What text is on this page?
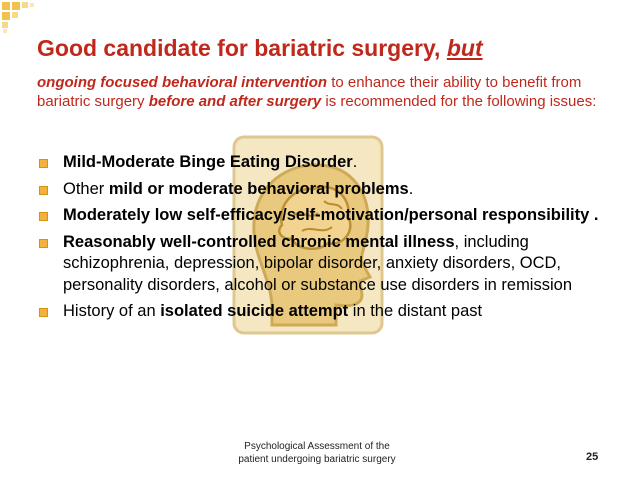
Good candidate for bariatric surgery, but
ongoing focused behavioral intervention to enhance their ability to benefit from bariatric surgery before and after surgery is recommended for the following issues:
Mild-Moderate Binge Eating Disorder.
Other mild or moderate behavioral problems.
Moderately low self-efficacy/self-motivation/personal responsibility .
Reasonably well-controlled chronic mental illness, including schizophrenia, depression, bipolar disorder, anxiety disorders, OCD, personality disorders, alcohol or substance use disorders in remission
History of an isolated suicide attempt in the distant past
Psychological Assessment of the
patient undergoing bariatric surgery	25
